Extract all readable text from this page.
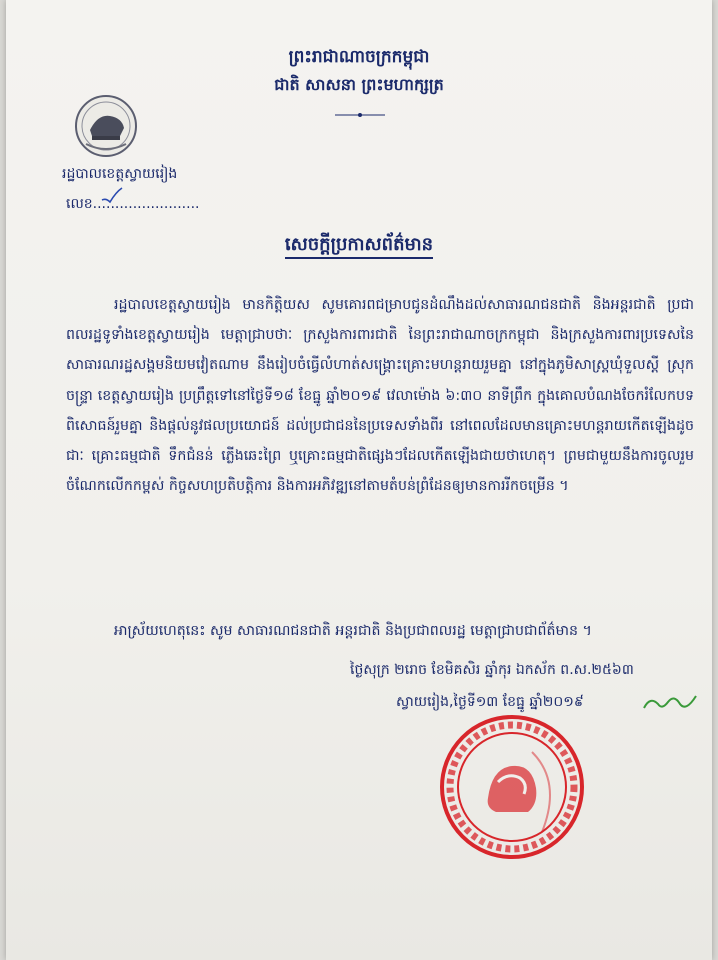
ព្រះរាជាណាចក្រកម្ពុជា
ជាតិ សាសនា ព្រះមហាក្សត្រ
រដ្ឋបាលខេត្តស្វាយរៀង
លេខ........................
សេចក្តីប្រកាសព័ត៌មាន
រដ្ឋបាលខេត្តស្វាយរៀង មានកិត្តិយស សូមគោរពជម្រាបជូនដំណឹងដល់សាធារណជនជាតិ និងអន្តរជាតិ ប្រជាពលរដ្ឋទូទាំងខេត្តស្វាយរៀង មេត្តាជ្រាបថាៈ ក្រសួងការពារជាតិ នៃព្រះរាជាណាចក្រកម្ពុជា និងក្រសួងការពារប្រទេសនៃសាធារណរដ្ឋសង្គមនិយមវៀតណាម នឹងរៀបចំធ្វើលំហាត់សង្គ្រោះគ្រោះមហន្តរាយរួមគ្នា នៅក្នុងភូមិសាស្ត្រឃុំទួលស្តី ស្រុកចន្ទ្រា ខេត្តស្វាយរៀង ប្រព្រឹត្តទៅនៅថ្ងៃទី១៨ ខែធ្នូ ឆ្នាំ២០១៩ វេលាម៉ោង ៦:៣០ នាទីព្រឹក ក្នុងគោលបំណងចែករំលែកបទពិសោធន៍រួមគ្នា និងផ្តល់នូវផលប្រយោជន៍ ដល់ប្រជាជននៃប្រទេសទាំងពីរ នៅពេលដែលមានគ្រោះមហន្តរាយកើតឡើងដូចជាៈ គ្រោះធម្មជាតិ ទឹកជំនន់ ភ្លើងឆេះព្រៃ ឬគ្រោះធម្មជាតិផ្សេងៗដែលកើតឡើងជាយថាហេតុ។ ព្រមជាមួយនឹងការចូលរួមចំណែកលើកកម្ពស់ កិច្ចសហប្រតិបត្តិការ និងការអភិវឌ្ឍនៅតាមតំបន់ព្រំដែនឲ្យមានការរីកចម្រើន ។
អាស្រ័យហេតុនេះ សូម សាធារណជនជាតិ អន្តរជាតិ និងប្រជាពលរដ្ឋ មេត្តាជ្រាបជាព័ត៌មាន ។
ថ្ងៃសុក្រ ២រោច ខែមិគសិរ ឆ្នាំកុរ ឯកស័ក ព.ស.២៥៦៣
ស្វាយរៀង,ថ្ងៃទី១៣ ខែធ្នូ ឆ្នាំ២០១៩
